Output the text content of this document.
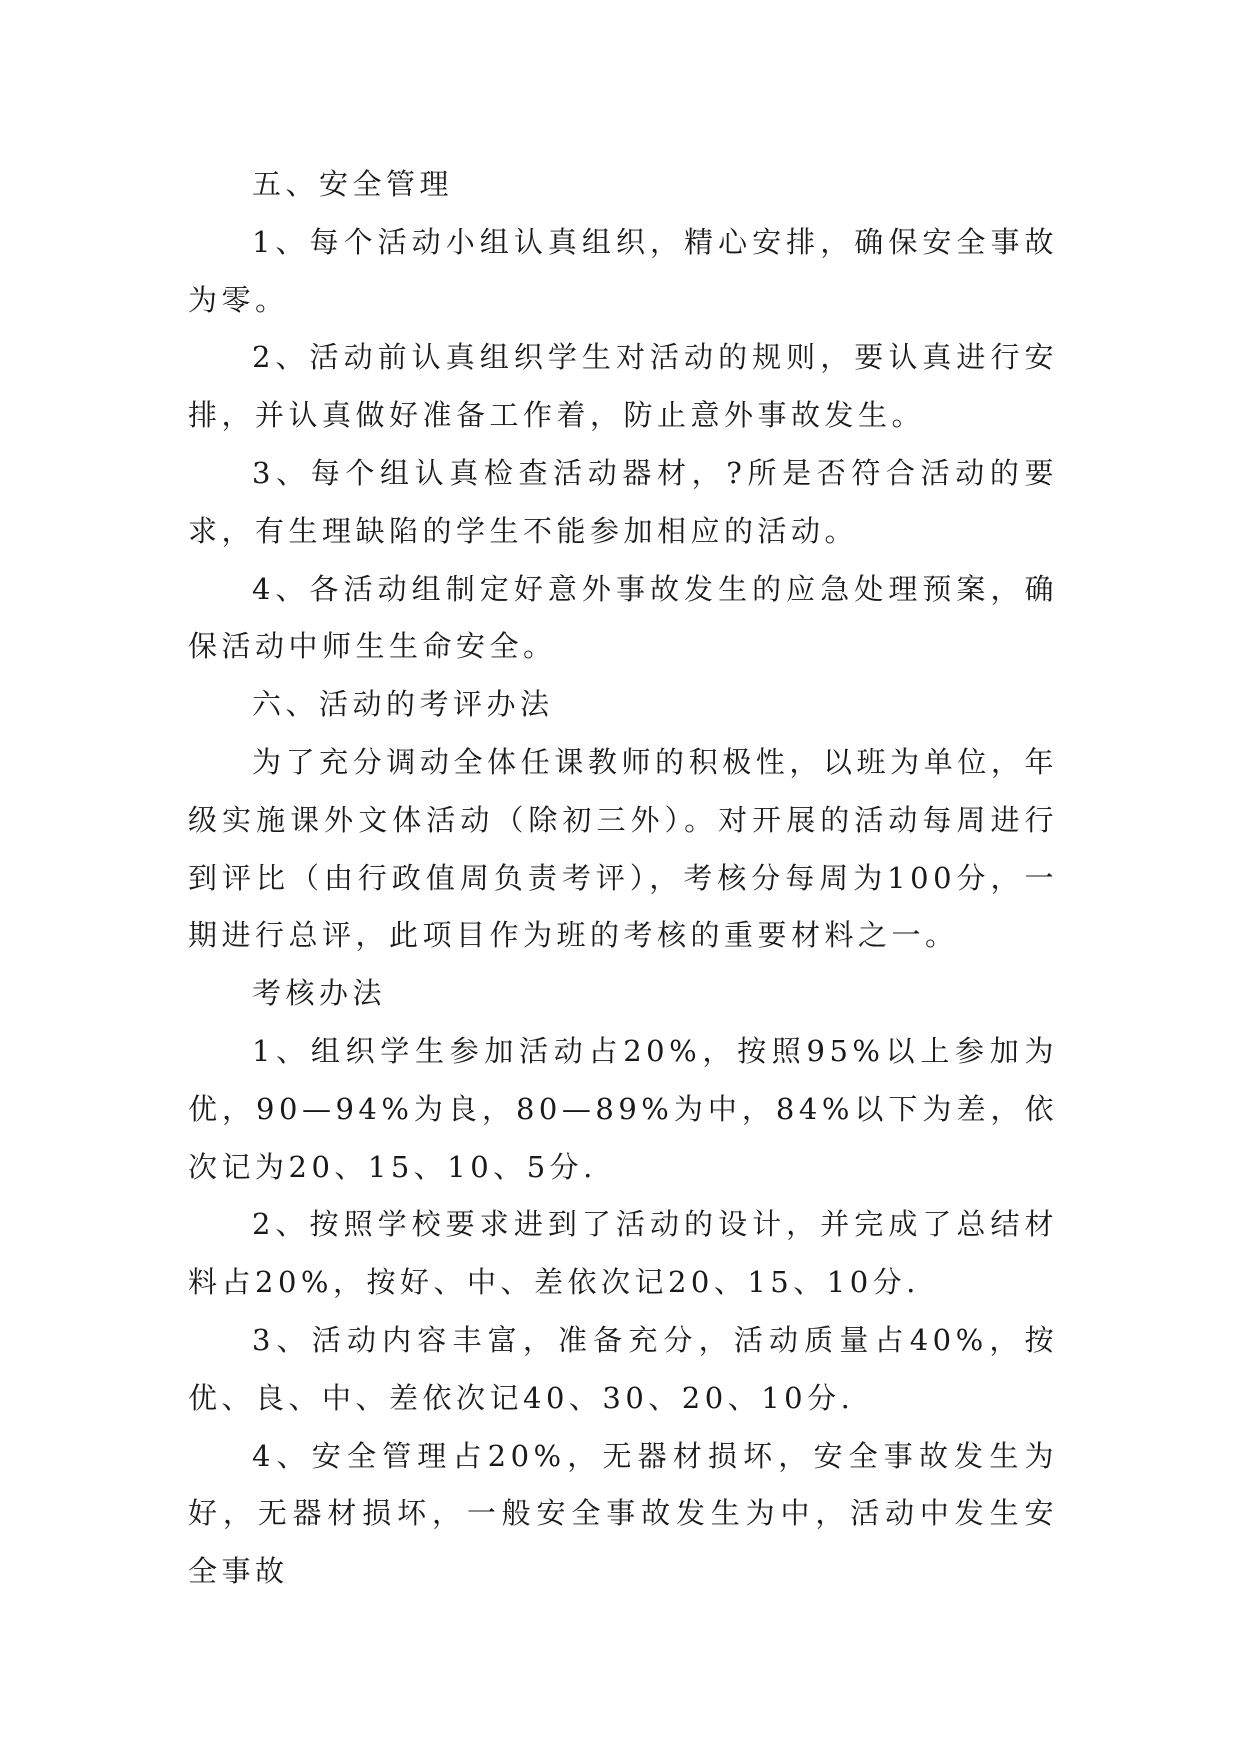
五、安全管理

1、每个活动小组认真组织，精心安排，确保安全事故为零。

2、活动前认真组织学生对活动的规则，要认真进行安排，并认真做好准备工作着，防止意外事故发生。

3、每个组认真检查活动器材，?所是否符合活动的要求，有生理缺陷的学生不能参加相应的活动。

4、各活动组制定好意外事故发生的应急处理预案，确保活动中师生生命安全。

六、活动的考评办法

为了充分调动全体任课教师的积极性，以班为单位，年级实施课外文体活动（除初三外）。对开展的活动每周进行到评比（由行政值周负责考评），考核分每周为100分，一期进行总评，此项目作为班的考核的重要材料之一。

考核办法

1、组织学生参加活动占20%，按照95%以上参加为优，90—94%为良，80—89%为中，84%以下为差，依次记为20、15、10、5分.

2、按照学校要求进到了活动的设计，并完成了总结材料占20%，按好、中、差依次记20、15、10分.

3、活动内容丰富，准备充分，活动质量占40%，按优、良、中、差依次记40、30、20、10分.

4、安全管理占20%，无器材损坏，安全事故发生为好，无器材损坏，一般安全事故发生为中，活动中发生安全事故
